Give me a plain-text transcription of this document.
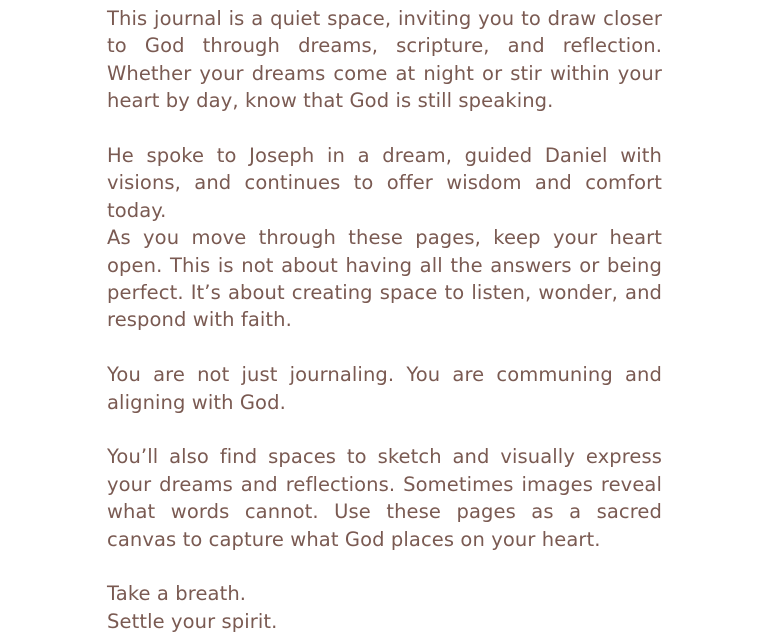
This journal is a quiet space, inviting you to draw closer to God through dreams, scripture, and reflection. Whether your dreams come at night or stir within your heart by day, know that God is still speaking.

He spoke to Joseph in a dream, guided Daniel with visions, and continues to offer wisdom and comfort today.

As you move through these pages, keep your heart open. This is not about having all the answers or being perfect. It’s about creating space to listen, wonder, and respond with faith.

You are not just journaling. You are communing and aligning with God.

You’ll also find spaces to sketch and visually express your dreams and reflections. Sometimes images reveal what words cannot. Use these pages as a sacred canvas to capture what God places on your heart.

Take a breath.

Settle your spirit.
